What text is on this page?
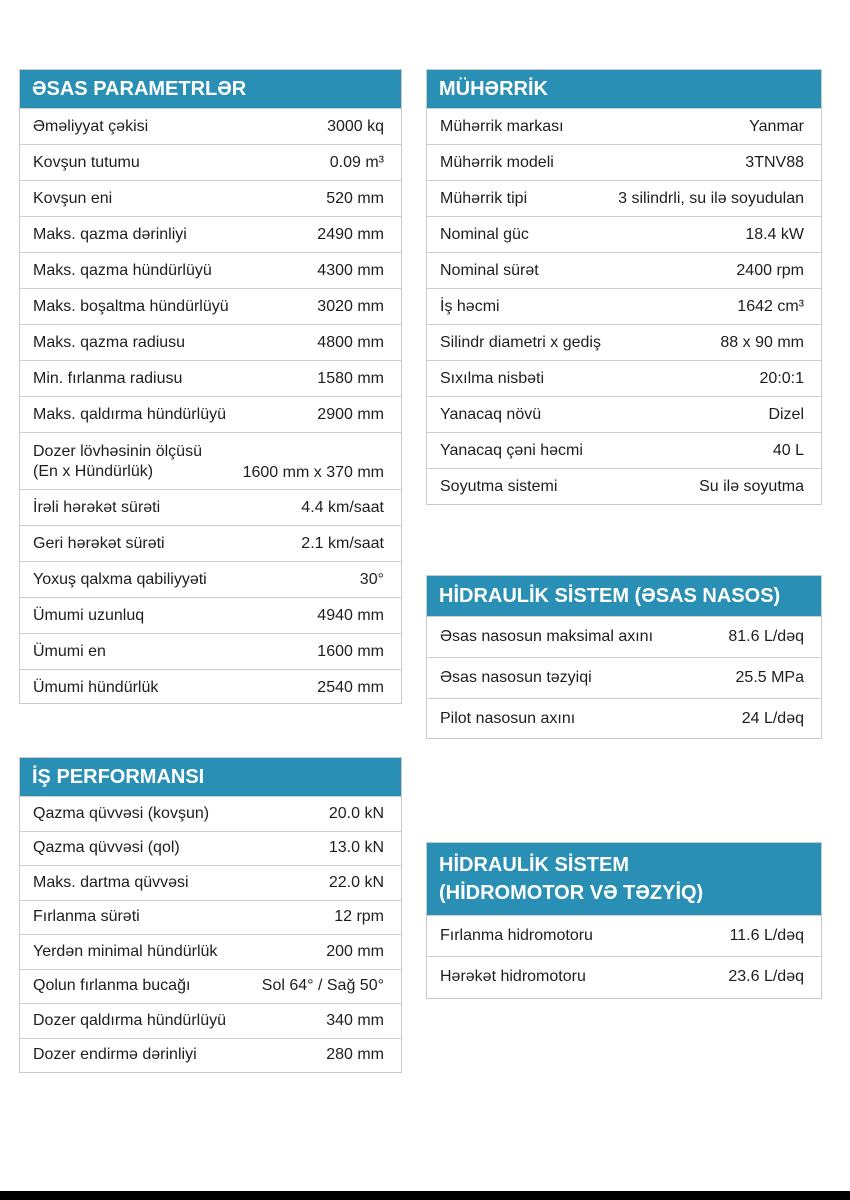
ƏSAS PARAMETRLƏR
Əməliyyat çəkisi	3000 kq
Kovşun tutumu	0.09 m³
Kovşun eni	520 mm
Maks. qazma dərinliyi	2490 mm
Maks. qazma hündürlüyü	4300 mm
Maks. boşaltma hündürlüyü	3020 mm
Maks. qazma radiusu	4800 mm
Min. fırlanma radiusu	1580 mm
Maks. qaldırma hündürlüyü	2900 mm
Dozer lövhəsinin ölçüsü
(En x Hündürlük)	1600 mm x 370 mm
İrəli hərəkət sürəti	4.4 km/saat
Geri hərəkət sürəti	2.1 km/saat
Yoxuş qalxma qabiliyyəti	30°
Ümumi uzunluq	4940 mm
Ümumi en	1600 mm
Ümumi hündürlük	2540 mm
MÜHƏRRİK
Mühərrik markası	Yanmar
Mühərrik modeli	3TNV88
Mühərrik tipi	3 silindrli, su ilə soyudulan
Nominal güc	18.4 kW
Nominal sürət	2400 rpm
İş həcmi	1642 cm³
Silindr diametri x gediş	88 x 90 mm
Sıxılma nisbəti	20:0:1
Yanacaq növü	Dizel
Yanacaq çəni həcmi	40 L
Soyutma sistemi	Su ilə soyutma
HİDRAULİK SİSTEM (ƏSAS NASOS)
Əsas nasosun maksimal axını	81.6 L/dəq
Əsas nasosun təzyiqi	25.5 MPa
Pilot nasosun axını	24 L/dəq
İŞ PERFORMANSI
Qazma qüvvəsi (kovşun)	20.0 kN
Qazma qüvvəsi (qol)	13.0 kN
Maks. dartma qüvvəsi	22.0 kN
Fırlanma sürəti	12 rpm
Yerdən minimal hündürlük	200 mm
Qolun fırlanma bucağı	Sol 64° / Sağ 50°
Dozer qaldırma hündürlüyü	340 mm
Dozer endirmə dərinliyi	280 mm
HİDRAULİK SİSTEM
(HİDROMOTOR VƏ TƏZYİQ)
Fırlanma hidromotoru	11.6 L/dəq
Hərəkət hidromotoru	23.6 L/dəq
